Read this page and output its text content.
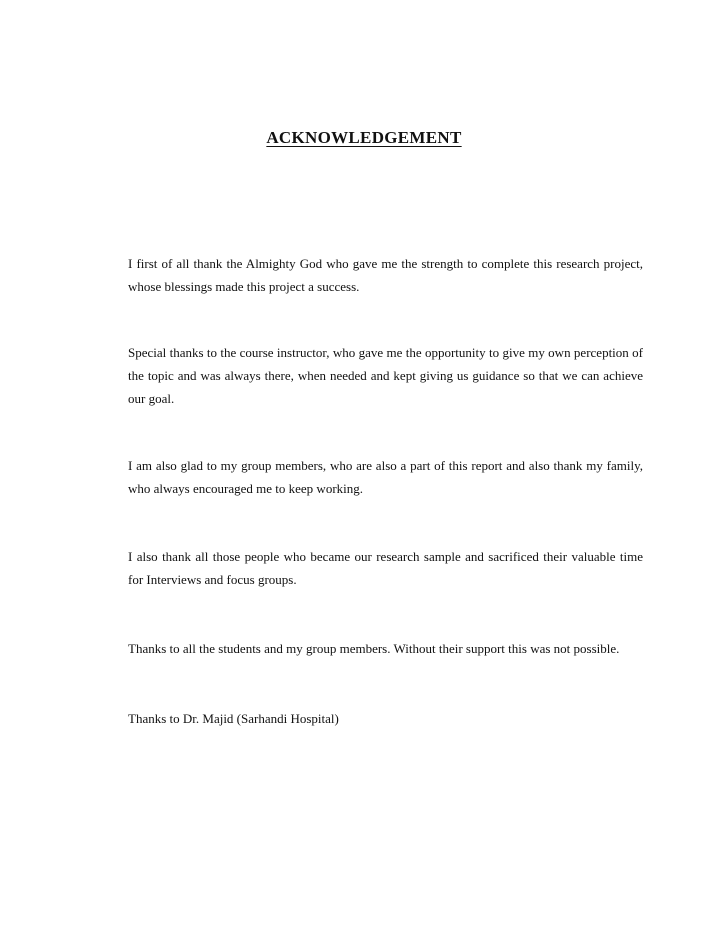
ACKNOWLEDGEMENT

I first of all thank the Almighty God who gave me the strength to complete this research project, whose blessings made this project a success.

Special thanks to the course instructor, who gave me the opportunity to give my own perception of the topic and was always there, when needed and kept giving us guidance so that we can achieve our goal.

I am also glad to my group members, who are also a part of this report and also thank my family, who always encouraged me to keep working.

I also thank all those people who became our research sample and sacrificed their valuable time for Interviews and focus groups.

Thanks to all the students and my group members. Without their support this was not possible.

Thanks to Dr. Majid (Sarhandi Hospital)
